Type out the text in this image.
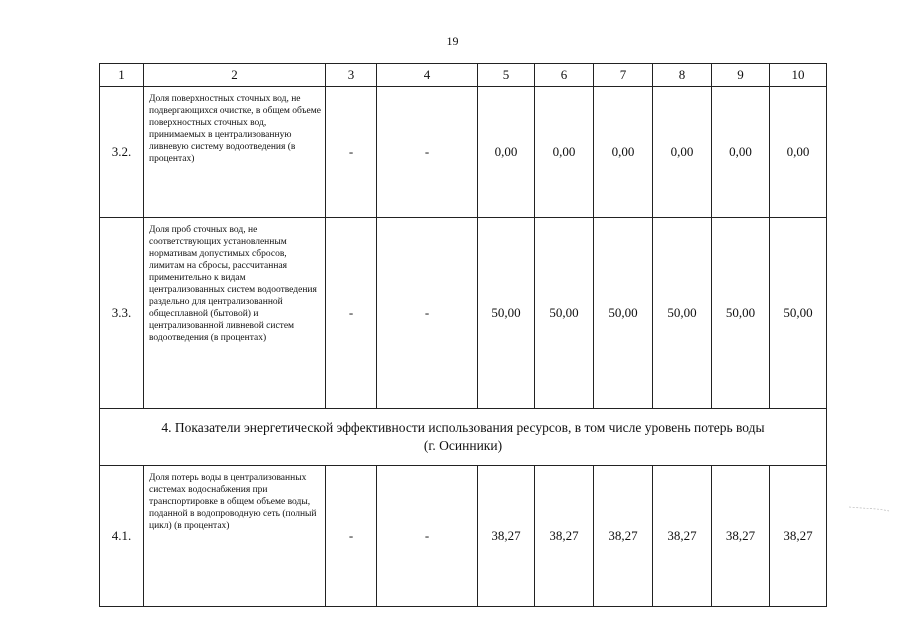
19
1	2	3	4	5	6	7	8	9	10
3.2.	Доля поверхностных сточных вод, не подвергающихся очистке, в общем объеме поверхностных сточных вод, принимаемых в централизованную ливневую систему водоотведения (в процентах)	-	-	0,00	0,00	0,00	0,00	0,00	0,00
3.3.	Доля проб сточных вод, не соответствующих установленным нормативам допустимых сбросов, лимитам на сбросы, рассчитанная применительно к видам централизованных систем водоотведения раздельно для централизованной общесплавной (бытовой) и централизованной ливневой систем водоотведения (в процентах)	-	-	50,00	50,00	50,00	50,00	50,00	50,00

4. Показатели энергетической эффективности использования ресурсов, в том числе уровень потерь воды
(г. Осинники)									

4.1.	Доля потерь воды в централизованных системах водоснабжения при транспортировке в общем объеме воды, поданной в водопроводную сеть (полный цикл) (в процентах)	-	-	38,27	38,27	38,27	38,27	38,27	38,27
